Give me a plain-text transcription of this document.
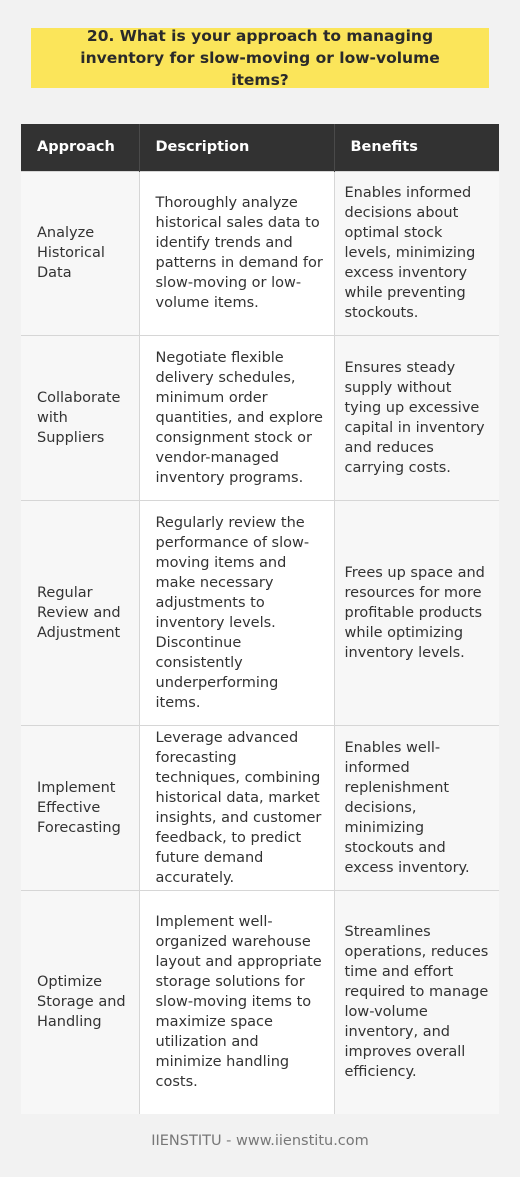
20. What is your approach to managing inventory for slow-moving or low-volume items?
Approach	Description	Benefits
Analyze Historical Data	Thoroughly analyze historical sales data to identify trends and patterns in demand for slow-moving or low-volume items.	Enables informed decisions about optimal stock levels, minimizing excess inventory while preventing stockouts.
Collaborate with Suppliers	Negotiate flexible delivery schedules, minimum order quantities, and explore consignment stock or vendor-managed inventory programs.	Ensures steady supply without tying up excessive capital in inventory and reduces carrying costs.
Regular Review and Adjustment	Regularly review the performance of slow-moving items and make necessary adjustments to inventory levels. Discontinue consistently underperforming items.	Frees up space and resources for more profitable products while optimizing inventory levels.
Implement Effective Forecasting	Leverage advanced forecasting techniques, combining historical data, market insights, and customer feedback, to predict future demand accurately.	Enables well-informed replenishment decisions, minimizing stockouts and excess inventory.
Optimize Storage and Handling	Implement well-organized warehouse layout and appropriate storage solutions for slow-moving items to maximize space utilization and minimize handling costs.	Streamlines operations, reduces time and effort required to manage low-volume inventory, and improves overall efficiency.
IIENSTITU - www.iienstitu.com
